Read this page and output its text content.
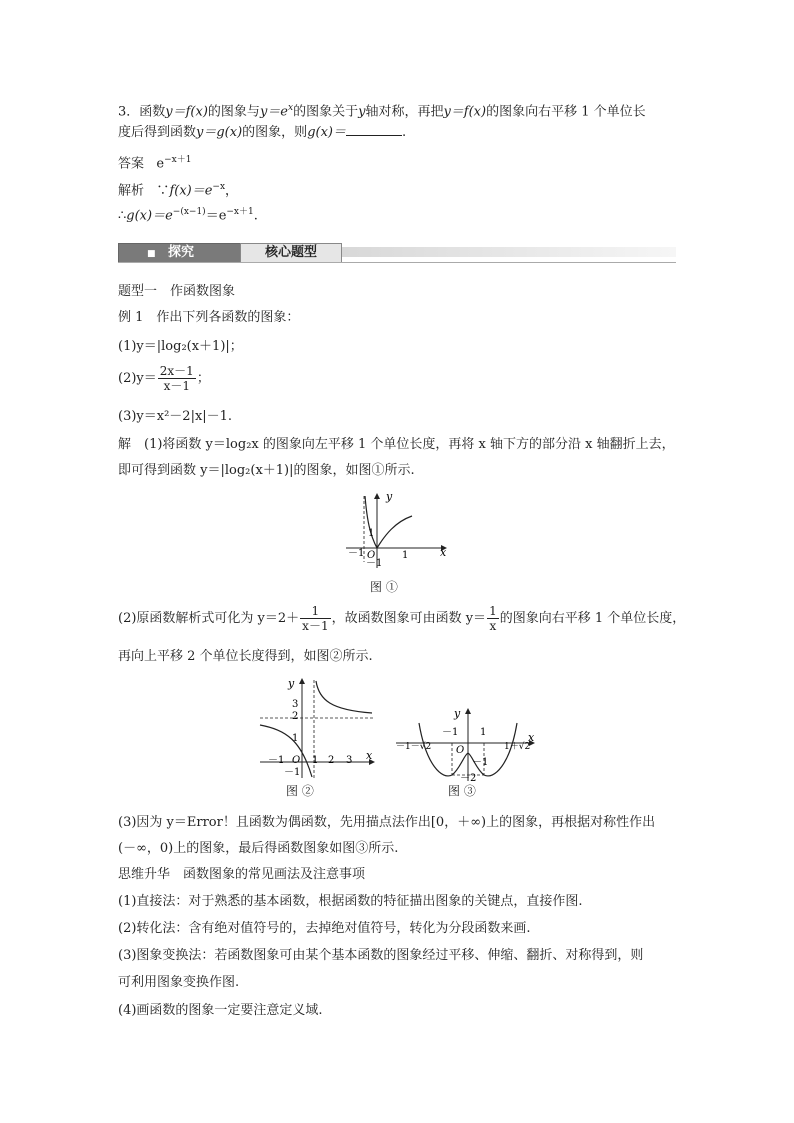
3．函数y＝f(x)的图象与$y=e^x$的图象关于y轴对称，再把y＝f(x)的图象向右平移 1 个单位长
度后得到函数y＝g(x)的图象，则g(x)＝	.
答案 $e^{-x+1}$
解析 $\because f(x)=e^{-x}$，
$\therefore g(x)=e^{-(x-1)}=e^{-x+1}$.
■ 探究	核心题型
题型一　作函数图象
例 1　作出下列各函数的图象：
(1)y＝|log₂(x＋1)|；
$(2)y= \frac{2x-1}{x-1}$ ；
(3)y＝x²－2|x|－1.
解　(1)将函数 y＝log₂x 的图象向左平移 1 个单位长度，再将 x 轴下方的部分沿 x 轴翻折上去，
即可得到函数 y＝|log₂(x＋1)|的图象，如图①所示.
y
x
1
－1
O	1
－1
图 ①
(2)原函数解析式可化为 $y=2+ \frac{1}{x-1}$ ，故函数图象可由函数 $y= \frac{1}{x}$ 的图象向右平移 1 个单位长度，
再向上平移 2 个单位长度得到，如图②所示.
y
x
3
2
1
－1
O
－1	1 2 3
图 ②
y
x
－1 1
O
－1－√2	1＋√2
－1
－2
图 ③
(3)因为 y＝Error！且函数为偶函数，先用描点法作出[0，＋∞)上的图象，再根据对称性作出
(－∞，0)上的图象，最后得函数图象如图③所示.
思维升华　函数图象的常见画法及注意事项
(1)直接法：对于熟悉的基本函数，根据函数的特征描出图象的关键点，直接作图.
(2)转化法：含有绝对值符号的，去掉绝对值符号，转化为分段函数来画.
(3)图象变换法：若函数图象可由某个基本函数的图象经过平移、伸缩、翻折、对称得到，则
可利用图象变换作图.
(4)画函数的图象一定要注意定义域.
